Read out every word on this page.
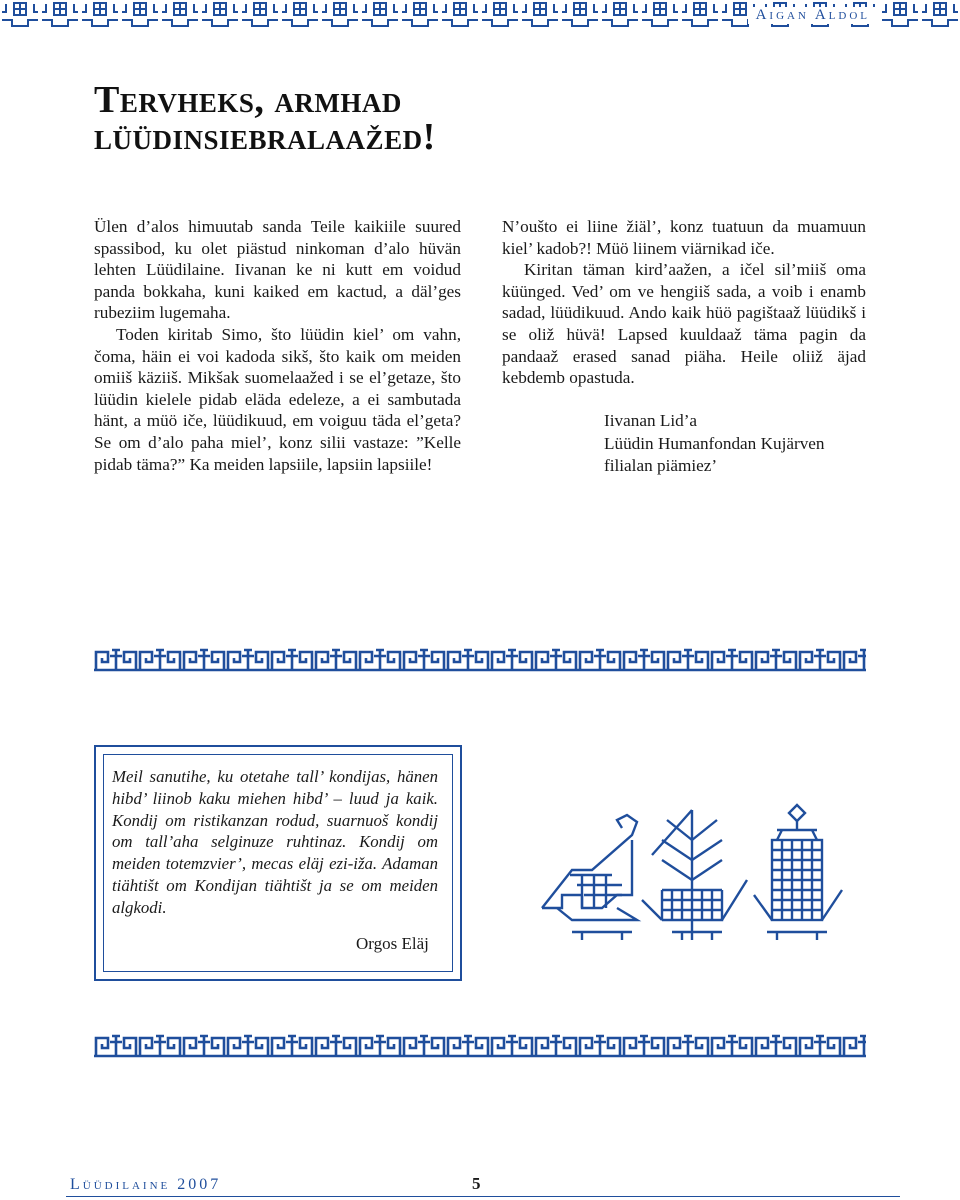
Aigan Aldol
Tervheks, armhad
lüüdinsiebralaažed!

Ülen d’alos himuutab sanda Teile kaikiile suured spassibod, ku olet piästud ninkoman d’alo hüvän lehten Lüüdilaine. Iivanan ke ni kutt em voidud panda bokkaha, kuni kaiked em kactud, a däl’ges rubeziim lugemaha.

Toden kiritab Simo, što lüüdin kiel’ om vahn, čoma, häin ei voi kadoda sikš, što kaik om meiden omiiš käziiš. Mikšak suomelaažed i se el’getaze, što lüüdin kielele pidab eläda edeleze, a ei sambutada hänt, a müö iče, lüüdikuud, em voiguu täda el’geta? Se om d’alo paha miel’, konz silii vastaze: ”Kelle pidab täma?” Ka meiden lapsiile, lapsiin lapsiile!

N’oušto ei liine žiäl’, konz tuatuun da muamuun kiel’ kadob?! Müö liinem viärnikad iče.

Kiritan täman kird’aažen, a ičel sil’miiš oma küünged. Ved’ om ve hengiiš sada, a voib i enamb sadad, lüüdikuud. Ando kaik hüö pagištaaž lüüdikš i se oliž hüvä! Lapsed kuuldaaž täma pagin da pandaaž erased sanad piäha. Heile oliiž äjad kebdemb opastuda.

Iivanan Lid’a
Lüüdin Humanfondan Kujärven
filialan piämiez’
Meil sanutihe, ku otetahe tall’ kondijas, hänen hibd’ liinob kaku miehen hibd’ – luud ja kaik. Kondij om ristikanzan rodud, suarnuoš kondij om tall’aha selginuze ruhtinaz. Kondij om meiden totemzvier’, mecas eläj ezi-iža. Adaman tiähtišt om Kondijan tiähtišt ja se om meiden algkodi.
Orgos Eläj
Lüüdilaine 2007	5
